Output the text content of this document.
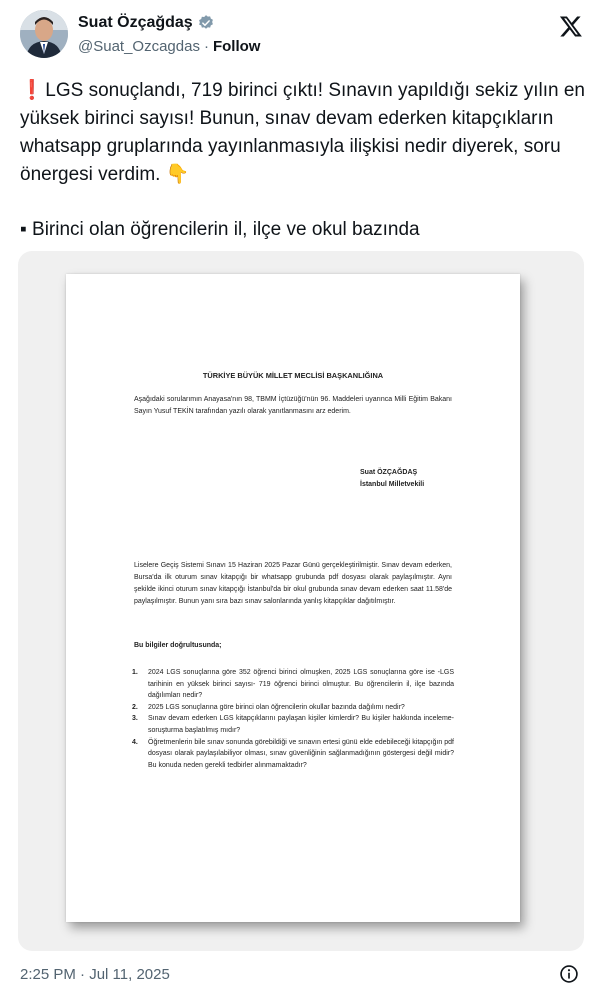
Suat Özçağdaş
@Suat_Ozcagdas · Follow

❗ LGS sonuçlandı, 719 birinci çıktı! Sınavın yapıldığı sekiz yılın en yüksek birinci sayısı! Bunun, sınav devam ederken kitapçıkların whatsapp gruplarında yayınlanmasıyla ilişkisi nedir diyerek, soru önergesi verdim. 👇

▪ Birinci olan öğrencilerin il, ilçe ve okul bazında

TÜRKİYE BÜYÜK MİLLET MECLİSİ BAŞKANLIĞINA
Aşağıdaki sorularımın Anayasa'nın 98, TBMM İçtüzüğü'nün 96. Maddeleri uyarınca Milli Eğitim Bakanı Sayın Yusuf TEKİN tarafından yazılı olarak yanıtlanmasını arz ederim.
Suat ÖZÇAĞDAŞ
İstanbul Milletvekili
Liselere Geçiş Sistemi Sınavı 15 Haziran 2025 Pazar Günü gerçekleştirilmiştir. Sınav devam ederken, Bursa'da ilk oturum sınav kitapçığı bir whatsapp grubunda pdf dosyası olarak paylaşılmıştır. Aynı şekilde ikinci oturum sınav kitapçığı İstanbul'da bir okul grubunda sınav devam ederken saat 11.58'de paylaşılmıştır. Bunun yanı sıra bazı sınav salonlarında yanlış kitapçıklar dağıtılmıştır.
Bu bilgiler doğrultusunda;
1.	2024 LGS sonuçlarına göre 352 öğrenci birinci olmuşken, 2025 LGS sonuçlarına göre ise -LGS tarihinin en yüksek birinci sayısı- 719 öğrenci birinci olmuştur. Bu öğrencilerin il, ilçe bazında dağılımları nedir?
2.	2025 LGS sonuçlarına göre birinci olan öğrencilerin okullar bazında dağılımı nedir?
3.	Sınav devam ederken LGS kitapçıklarını paylaşan kişiler kimlerdir? Bu kişiler hakkında inceleme-soruşturma başlatılmış mıdır?
4.	Öğretmenlerin bile sınav sonunda görebildiği ve sınavın ertesi günü elde edebileceği kitapçığın pdf dosyası olarak paylaşılabiliyor olması, sınav güvenliğinin sağlanmadığının göstergesi değil midir? Bu konuda neden gerekli tedbirler alınmamaktadır?
2:25 PM · Jul 11, 2025
